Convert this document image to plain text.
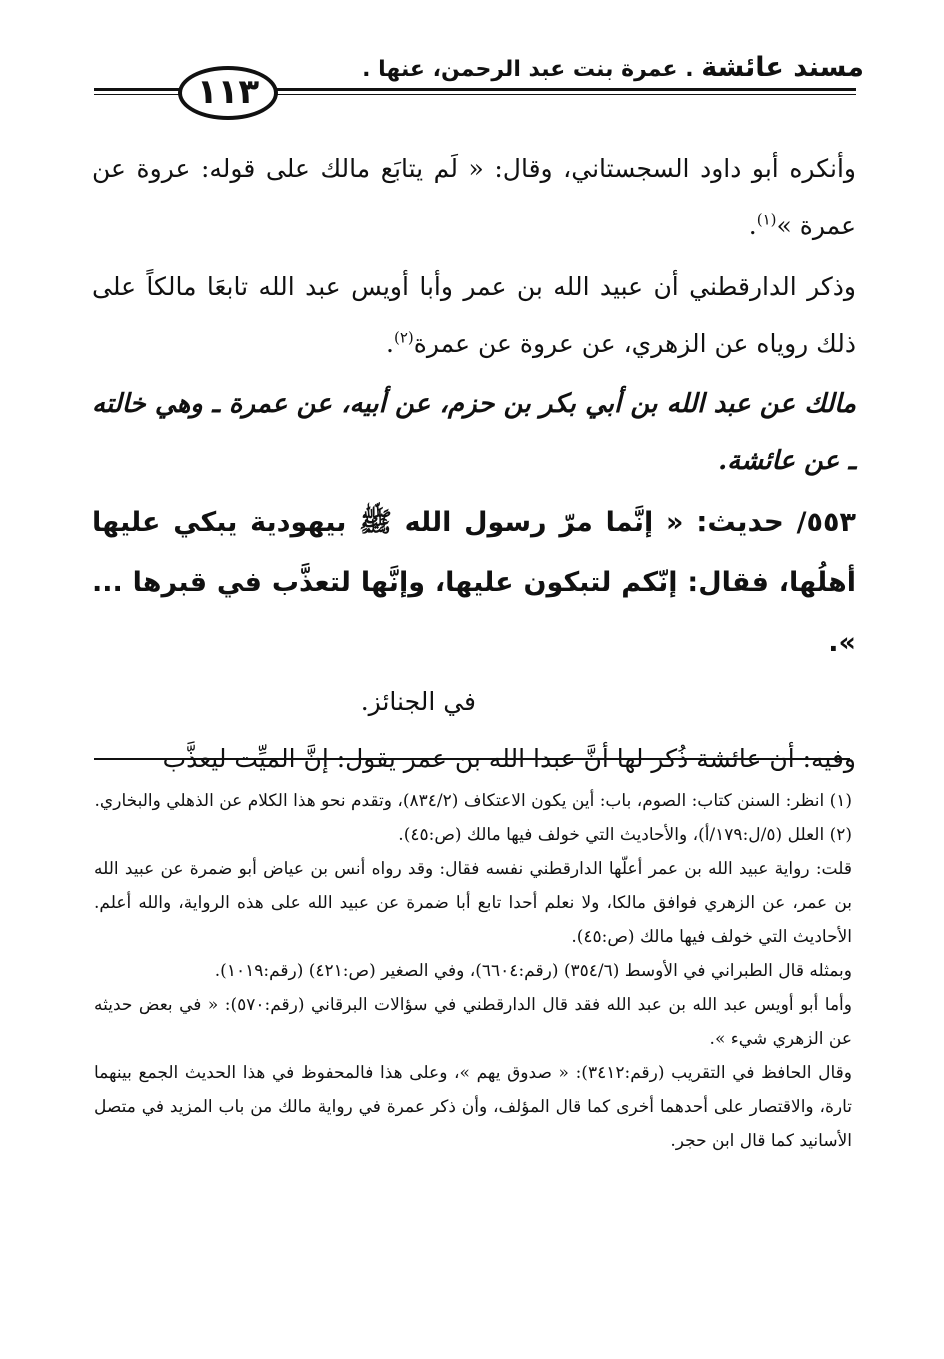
مسند عائشة . عمرة بنت عبد الرحمن، عنها .
١١٣

وأنكره أبو داود السجستاني، وقال: « لَم يتابَع مالك على قوله: عروة عن عمرة »$^{(١)}$.

وذكر الدارقطني أن عبيد الله بن عمر وأبا أويس عبد الله تابعَا مالكاً على ذلك روياه عن الزهري، عن عروة عن عمرة$^{(٢)}$.

مالك عن عبد الله بن أبي بكر بن حزم، عن أبيه، عن عمرة ـ وهي خالته ـ عن عائشة.

٥٥٣/ حديث: « إنَّما مرّ رسول الله ﷺ بيهودية يبكي عليها أهلُها، فقال: إنّكم لتبكون عليها، وإنَّها لتعذَّب في قبرها ... ».

في الجنائز.

وفيه: أن عائشة ذُكر لها أنَّ عبدا الله بن عمر يقول: إنَّ الميِّت ليعذَّب

(١) انظر: السنن كتاب: الصوم، باب: أين يكون الاعتكاف (٨٣٤/٢)، وتقدم نحو هذا الكلام عن الذهلي والبخاري.

(٢) العلل (٥/ل:١٧٩/أ)، والأحاديث التي خولف فيها مالك (ص:٤٥).

قلت: رواية عبيد الله بن عمر أعلّها الدارقطني نفسه فقال: وقد رواه أنس بن عياض أبو ضمرة عن عبيد الله بن عمر، عن الزهري فوافق مالكا، ولا نعلم أحدا تابع أبا ضمرة عن عبيد الله على هذه الرواية، والله أعلم. الأحاديث التي خولف فيها مالك (ص:٤٥).

وبمثله قال الطبراني في الأوسط (٣٥٤/٦) (رقم:٦٦٠٤)، وفي الصغير (ص:٤٢١) (رقم:١٠١٩).

وأما أبو أويس عبد الله بن عبد الله فقد قال الدارقطني في سؤالات البرقاني (رقم:٥٧٠): « في بعض حديثه عن الزهري شيء ».

وقال الحافظ في التقريب (رقم:٣٤١٢): « صدوق يهم »، وعلى هذا فالمحفوظ في هذا الحديث الجمع بينهما تارة، والاقتصار على أحدهما أخرى كما قال المؤلف، وأن ذكر عمرة في رواية مالك من باب المزيد في متصل الأسانيد كما قال ابن حجر.
